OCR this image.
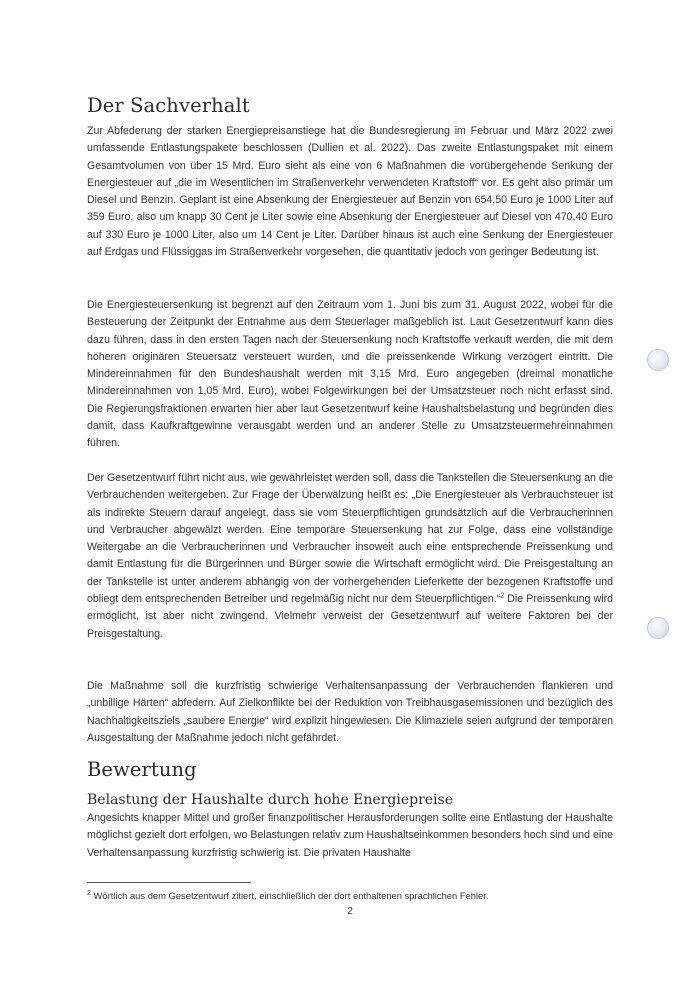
Der Sachverhalt

Zur Abfederung der starken Energiepreisanstiege hat die Bundesregierung im Februar und März 2022 zwei umfassende Entlastungspakete beschlossen (Dullien et al. 2022). Das zweite Entlastungspaket mit einem Gesamtvolumen von über 15 Mrd. Euro sieht als eine von 6 Maßnahmen die vorübergehende Senkung der Energiesteuer auf „die im Wesentlichen im Straßenverkehr verwendeten Kraftstoff“ vor. Es geht also primär um Diesel und Benzin. Geplant ist eine Absenkung der Energiesteuer auf Benzin von 654,50 Euro je 1000 Liter auf 359 Euro, also um knapp 30 Cent je Liter sowie eine Absenkung der Energiesteuer auf Diesel von 470,40 Euro auf 330 Euro je 1000 Liter, also um 14 Cent je Liter. Darüber hinaus ist auch eine Senkung der Energiesteuer auf Erdgas und Flüssiggas im Straßenverkehr vorgesehen, die quantitativ jedoch von geringer Bedeutung ist.

Die Energiesteuersenkung ist begrenzt auf den Zeitraum vom 1. Juni bis zum 31. August 2022, wobei für die Besteuerung der Zeitpunkt der Entnahme aus dem Steuerlager maßgeblich ist. Laut Gesetzentwurf kann dies dazu führen, dass in den ersten Tagen nach der Steuersenkung noch Kraftstoffe verkauft werden, die mit dem höheren originären Steuersatz versteuert wurden, und die preissenkende Wirkung verzögert eintritt. Die Mindereinnahmen für den Bundeshaushalt werden mit 3,15 Mrd. Euro angegeben (dreimal monatliche Mindereinnahmen von 1,05 Mrd. Euro), wobei Folgewirkungen bei der Umsatzsteuer noch nicht erfasst sind. Die Regierungsfraktionen erwarten hier aber laut Gesetzentwurf keine Haushaltsbelastung und begründen dies damit, dass Kaufkraftgewinne verausgabt werden und an anderer Stelle zu Umsatzsteuermehreinnahmen führen.

Der Gesetzentwurf führt nicht aus, wie gewährleistet werden soll, dass die Tankstellen die Steuersenkung an die Verbrauchenden weitergeben. Zur Frage der Überwälzung heißt es: „Die Energiesteuer als Verbrauchsteuer ist als indirekte Steuern darauf angelegt, dass sie vom Steuerpflichtigen grundsätzlich auf die Verbraucherinnen und Verbraucher abgewälzt werden. Eine temporäre Steuersenkung hat zur Folge, dass eine vollständige Weitergabe an die Verbraucherinnen und Verbraucher insoweit auch eine entsprechende Preissenkung und damit Entlastung für die Bürgerinnen und Bürger sowie die Wirtschaft ermöglicht wird. Die Preisgestaltung an der Tankstelle ist unter anderem abhängig von der vorhergehenden Lieferkette der bezogenen Kraftstoffe und obliegt dem entsprechenden Betreiber und regelmäßig nicht nur dem Steuerpflichtigen.“$^2$ Die Preissenkung wird ermöglicht, ist aber nicht zwingend. Vielmehr verweist der Gesetzentwurf auf weitere Faktoren bei der Preisgestaltung.

Die Maßnahme soll die kurzfristig schwierige Verhaltensanpassung der Verbrauchenden flankieren und „unbillige Härten“ abfedern. Auf Zielkonflikte bei der Reduktion von Treibhausgasemissionen und bezüglich des Nachhaltigkeitsziels „saubere Energie“ wird explizit hingewiesen. Die Klimaziele seien aufgrund der temporären Ausgestaltung der Maßnahme jedoch nicht gefährdet.

Bewertung
Belastung der Haushalte durch hohe Energiepreise

Angesichts knapper Mittel und großer finanzpolitischer Herausforderungen sollte eine Entlastung der Haushalte möglichst gezielt dort erfolgen, wo Belastungen relativ zum Haushaltseinkommen besonders hoch sind und eine Verhaltensanpassung kurzfristig schwierig ist. Die privaten Haushalte

$^2$ Wörtlich aus dem Gesetzentwurf zitiert, einschließlich der dort enthaltenen sprachlichen Fehler.

2
